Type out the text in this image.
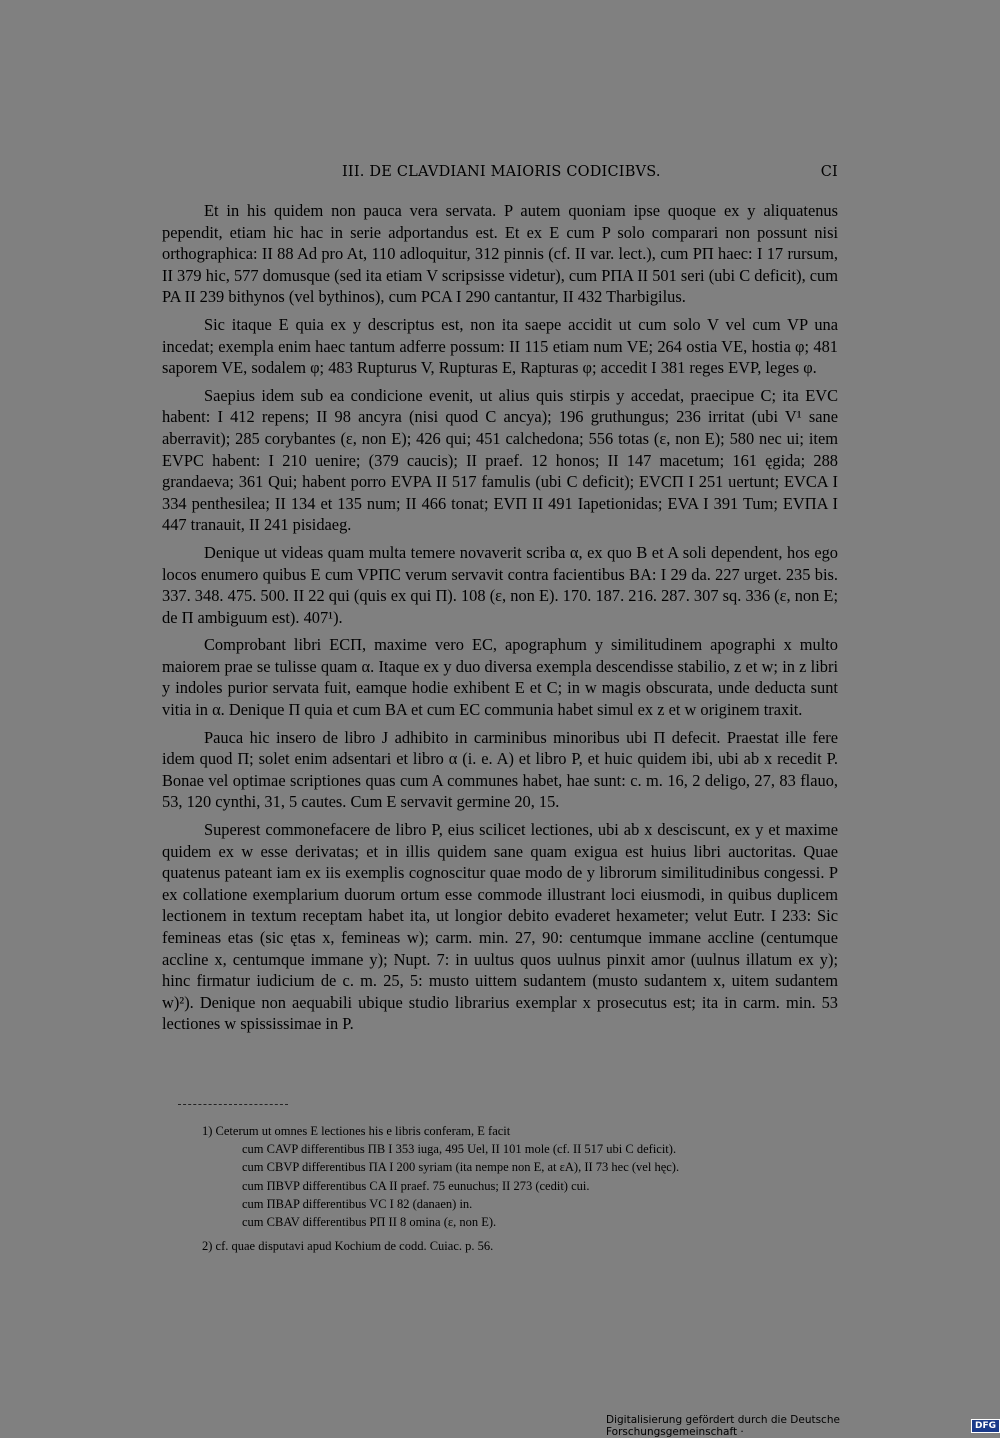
III. DE CLAVDIANI MAIORIS CODICIBVS.	CI

Et in his quidem non pauca vera servata. P autem quoniam ipse quoque ex y aliquatenus pependit, etiam hic hac in serie adportandus est. Et ex E cum P solo comparari non possunt nisi orthographica: II 88 Ad pro At, 110 adloquitur, 312 pinnis (cf. II var. lect.), cum PΠ haec: I 17 rursum, II 379 hic, 577 domusque (sed ita etiam V scripsisse videtur), cum PΠA II 501 seri (ubi C deficit), cum PA II 239 bithynos (vel bythinos), cum PCA I 290 cantantur, II 432 Tharbigilus.

Sic itaque E quia ex y descriptus est, non ita saepe accidit ut cum solo V vel cum VP una incedat; exempla enim haec tantum adferre possum: II 115 etiam num VE; 264 ostia VE, hostia φ; 481 saporem VE, sodalem φ; 483 Rupturus V, Rupturas E, Rapturas φ; accedit I 381 reges EVP, leges φ.

Saepius idem sub ea condicione evenit, ut alius quis stirpis y accedat, praecipue C; ita EVC habent: I 412 repens; II 98 ancyra (nisi quod C ancya); 196 gruthungus; 236 irritat (ubi V¹ sane aberravit); 285 corybantes (ε, non E); 426 qui; 451 calchedona; 556 totas (ε, non E); 580 nec ui; item EVPC habent: I 210 uenire; (379 caucis); II praef. 12 honos; II 147 macetum; 161 ęgida; 288 grandaeva; 361 Qui; habent porro EVPA II 517 famulis (ubi C deficit); EVCΠ I 251 uertunt; EVCA I 334 penthesilea; II 134 et 135 num; II 466 tonat; EVΠ II 491 Iapetionidas; EVA I 391 Tum; EVΠA I 447 tranauit, II 241 pisidaeg.

Denique ut videas quam multa temere novaverit scriba α, ex quo B et A soli dependent, hos ego locos enumero quibus E cum VPΠC verum servavit contra facientibus BA: I 29 da. 227 urget. 235 bis. 337. 348. 475. 500. II 22 qui (quis ex qui Π). 108 (ε, non E). 170. 187. 216. 287. 307 sq. 336 (ε, non E; de Π ambiguum est). 407¹).

Comprobant libri EСΠ, maxime vero EC, apographum y similitudinem apographi x multo maiorem prae se tulisse quam α. Itaque ex y duo diversa exempla descendisse stabilio, z et w; in z libri y indoles purior servata fuit, eamque hodie exhibent E et C; in w magis obscurata, unde deducta sunt vitia in α. Denique Π quia et cum BA et cum EC communia habet simul ex z et w originem traxit.

Pauca hic insero de libro J adhibito in carminibus minoribus ubi Π defecit. Praestat ille fere idem quod Π; solet enim adsentari et libro α (i. e. A) et libro P, et huic quidem ibi, ubi ab x recedit P. Bonae vel optimae scriptiones quas cum A communes habet, hae sunt: c. m. 16, 2 deligo, 27, 83 flauo, 53, 120 cynthi, 31, 5 cautes. Cum E servavit germine 20, 15.

Superest commonefacere de libro P, eius scilicet lectiones, ubi ab x desciscunt, ex y et maxime quidem ex w esse derivatas; et in illis quidem sane quam exigua est huius libri auctoritas. Quae quatenus pateant iam ex iis exemplis cognoscitur quae modo de y librorum similitudinibus congessi. P ex collatione exemplarium duorum ortum esse commode illustrant loci eiusmodi, in quibus duplicem lectionem in textum receptam habet ita, ut longior debito evaderet hexameter; velut Eutr. I 233: Sic femineas etas (sic ętas x, femineas w); carm. min. 27, 90: centumque immane accline (centumque accline x, centumque immane y); Nupt. 7: in uultus quos uulnus pinxit amor (uulnus illatum ex y); hinc firmatur iudicium de c. m. 25, 5: musto uittem sudantem (musto sudantem x, uitem sudantem w)²). Denique non aequabili ubique studio librarius exemplar x prosecutus est; ita in carm. min. 53 lectiones w spississimae in P.

1) Ceterum ut omnes E lectiones his e libris conferam, E facit

cum CAVP differentibus ΠB I 353 iuga, 495 Uel, II 101 mole (cf. II 517 ubi C deficit).

cum CBVP differentibus ΠA I 200 syriam (ita nempe non E, at εA), II 73 hec (vel hęc).

cum ΠBVP differentibus CA II praef. 75 eunuchus; II 273 (cedit) cui.

cum ΠBAP differentibus VC I 82 (danaen) in.

cum CBAV differentibus PΠ II 8 omina (ε, non E).

2) cf. quae disputavi apud Kochium de codd. Cuiac. p. 56.

Digitalisierung gefördert durch die Deutsche Forschungsgemeinschaft ·	DFG
